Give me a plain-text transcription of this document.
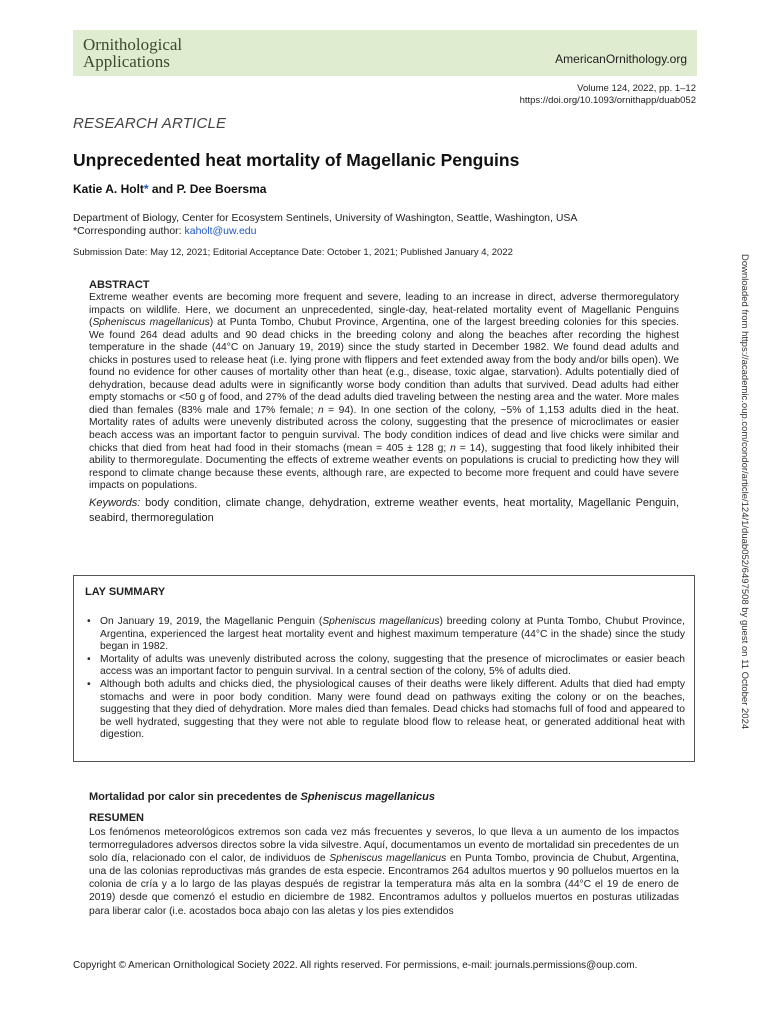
Ornithological
Applications	AmericanOrnithology.org
Volume 124, 2022, pp. 1–12
https://doi.org/10.1093/ornithapp/duab052
RESEARCH ARTICLE
Unprecedented heat mortality of Magellanic Penguins
Katie A. Holt* and P. Dee Boersma
Department of Biology, Center for Ecosystem Sentinels, University of Washington, Seattle, Washington, USA
*Corresponding author: kaholt@uw.edu
Submission Date: May 12, 2021; Editorial Acceptance Date: October 1, 2021; Published January 4, 2022
ABSTRACT

Extreme weather events are becoming more frequent and severe, leading to an increase in direct, adverse thermoregulatory impacts on wildlife. Here, we document an unprecedented, single-day, heat-related mortality event of Magellanic Penguins (Spheniscus magellanicus) at Punta Tombo, Chubut Province, Argentina, one of the largest breeding colonies for this species. We found 264 dead adults and 90 dead chicks in the breeding colony and along the beaches after recording the highest temperature in the shade (44°C on January 19, 2019) since the study started in December 1982. We found dead adults and chicks in postures used to release heat (i.e. lying prone with flippers and feet extended away from the body and/or bills open). We found no evidence for other causes of mortality other than heat (e.g., disease, toxic algae, starvation). Adults potentially died of dehydration, because dead adults were in significantly worse body condition than adults that survived. Dead adults had either empty stomachs or <50 g of food, and 27% of the dead adults died traveling between the nesting area and the water. More males died than females (83% male and 17% female; n = 94). In one section of the colony, ~5% of 1,153 adults died in the heat. Mortality rates of adults were unevenly distributed across the colony, suggesting that the presence of microclimates or easier beach access was an important factor to penguin survival. The body condition indices of dead and live chicks were similar and chicks that died from heat had food in their stomachs (mean = 405 ± 128 g; n = 14), suggesting that food likely inhibited their ability to thermoregulate. Documenting the effects of extreme weather events on populations is crucial to predicting how they will respond to climate change because these events, although rare, are expected to become more frequent and could have severe impacts on populations.

Keywords: body condition, climate change, dehydration, extreme weather events, heat mortality, Magellanic Penguin, seabird, thermoregulation
LAY SUMMARY
• On January 19, 2019, the Magellanic Penguin (Spheniscus magellanicus) breeding colony at Punta Tombo, Chubut Province, Argentina, experienced the largest heat mortality event and highest maximum temperature (44°C in the shade) since the study began in 1982.
• Mortality of adults was unevenly distributed across the colony, suggesting that the presence of microclimates or easier beach access was an important factor to penguin survival. In a central section of the colony, 5% of adults died.
• Although both adults and chicks died, the physiological causes of their deaths were likely different. Adults that died had empty stomachs and were in poor body condition. Many were found dead on pathways exiting the colony or on the beaches, suggesting that they died of dehydration. More males died than females. Dead chicks had stomachs full of food and appeared to be well hydrated, suggesting that they were not able to regulate blood flow to release heat, or generated additional heat with digestion.
Mortalidad por calor sin precedentes de Spheniscus magellanicus
RESUMEN

Los fenómenos meteorológicos extremos son cada vez más frecuentes y severos, lo que lleva a un aumento de los impactos termorreguladores adversos directos sobre la vida silvestre. Aquí, documentamos un evento de mortalidad sin precedentes de un solo día, relacionado con el calor, de individuos de Spheniscus magellanicus en Punta Tombo, provincia de Chubut, Argentina, una de las colonias reproductivas más grandes de esta especie. Encontramos 264 adultos muertos y 90 polluelos muertos en la colonia de cría y a lo largo de las playas después de registrar la temperatura más alta en la sombra (44°C el 19 de enero de 2019) desde que comenzó el estudio en diciembre de 1982. Encontramos adultos y polluelos muertos en posturas utilizadas para liberar calor (i.e. acostados boca abajo con las aletas y los pies extendidos

Copyright © American Ornithological Society 2022. All rights reserved. For permissions, e-mail: journals.permissions@oup.com.
Downloaded from https://academic.oup.com/condor/article/124/1/duab052/6497508 by guest on 11 October 2024
